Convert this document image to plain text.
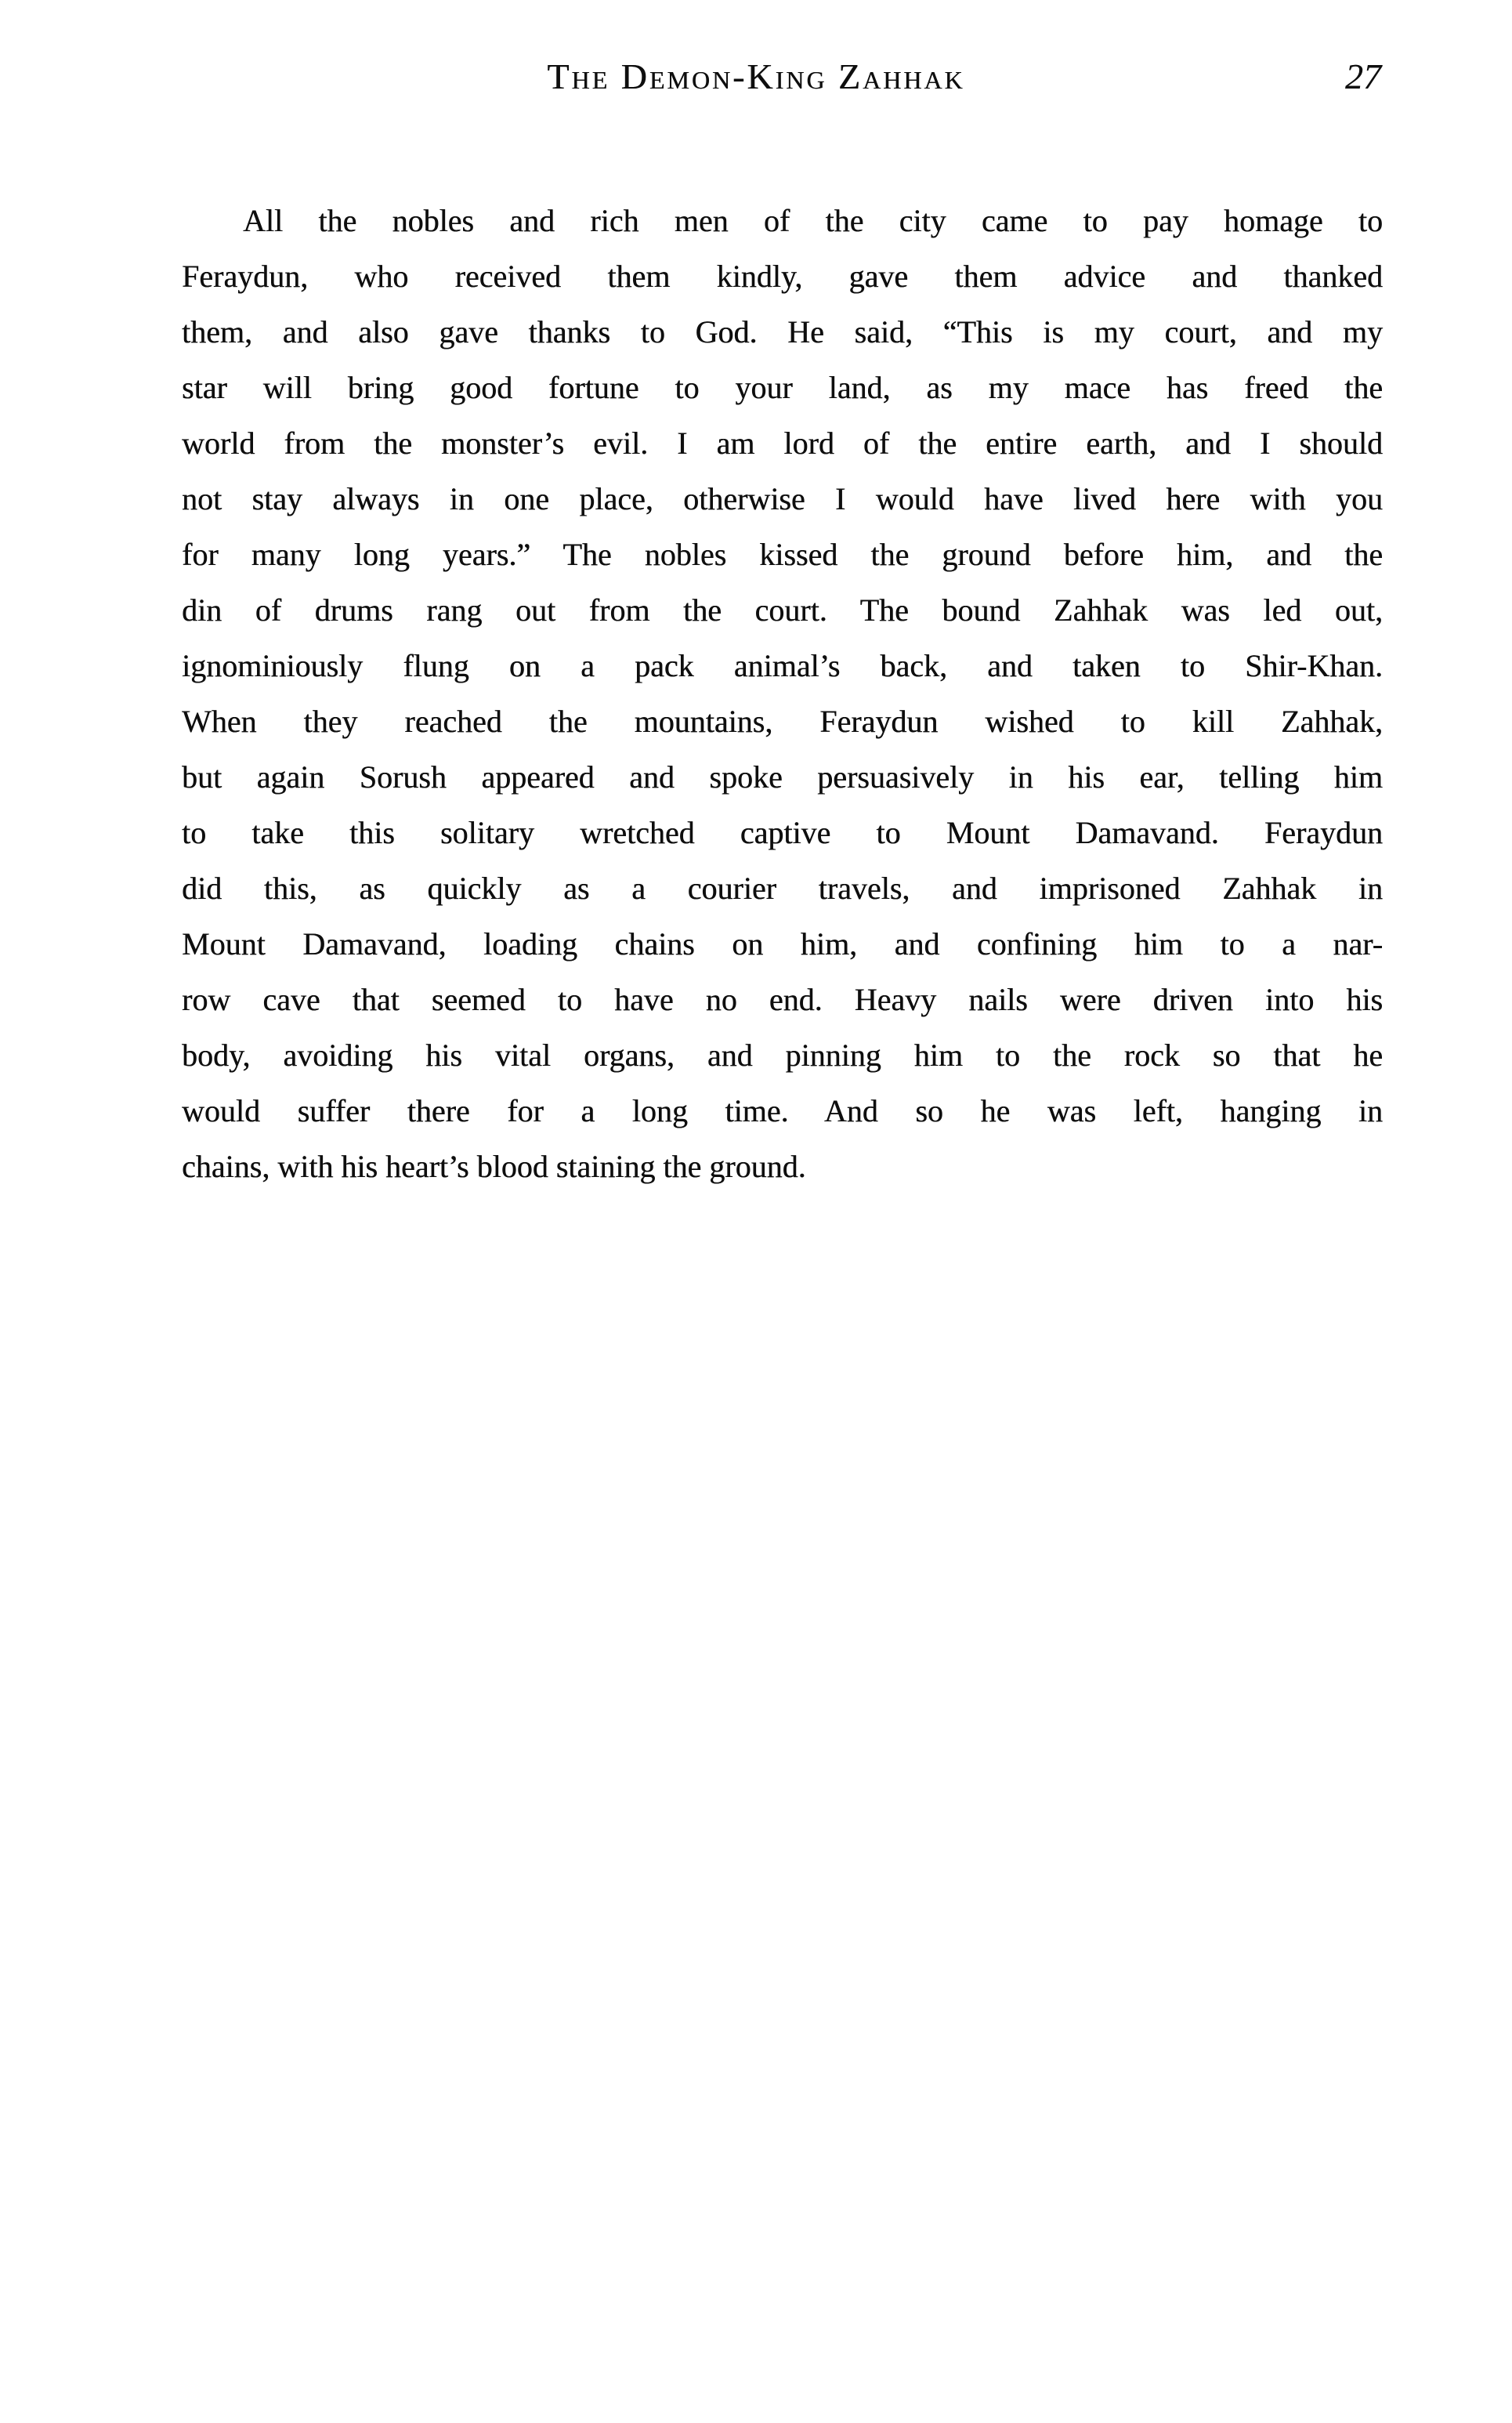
The Demon-King Zahhak	27
All the nobles and rich men of the city came to pay homage to
Feraydun, who received them kindly, gave them advice and thanked
them, and also gave thanks to God. He said, “This is my court, and my
star will bring good fortune to your land, as my mace has freed the
world from the monster’s evil. I am lord of the entire earth, and I should
not stay always in one place, otherwise I would have lived here with you
for many long years.” The nobles kissed the ground before him, and the
din of drums rang out from the court. The bound Zahhak was led out,
ignominiously flung on a pack animal’s back, and taken to Shir-Khan.
When they reached the mountains, Feraydun wished to kill Zahhak,
but again Sorush appeared and spoke persuasively in his ear, telling him
to take this solitary wretched captive to Mount Damavand. Feraydun
did this, as quickly as a courier travels, and imprisoned Zahhak in
Mount Damavand, loading chains on him, and confining him to a nar-
row cave that seemed to have no end. Heavy nails were driven into his
body, avoiding his vital organs, and pinning him to the rock so that he
would suffer there for a long time. And so he was left, hanging in
chains, with his heart’s blood staining the ground.
